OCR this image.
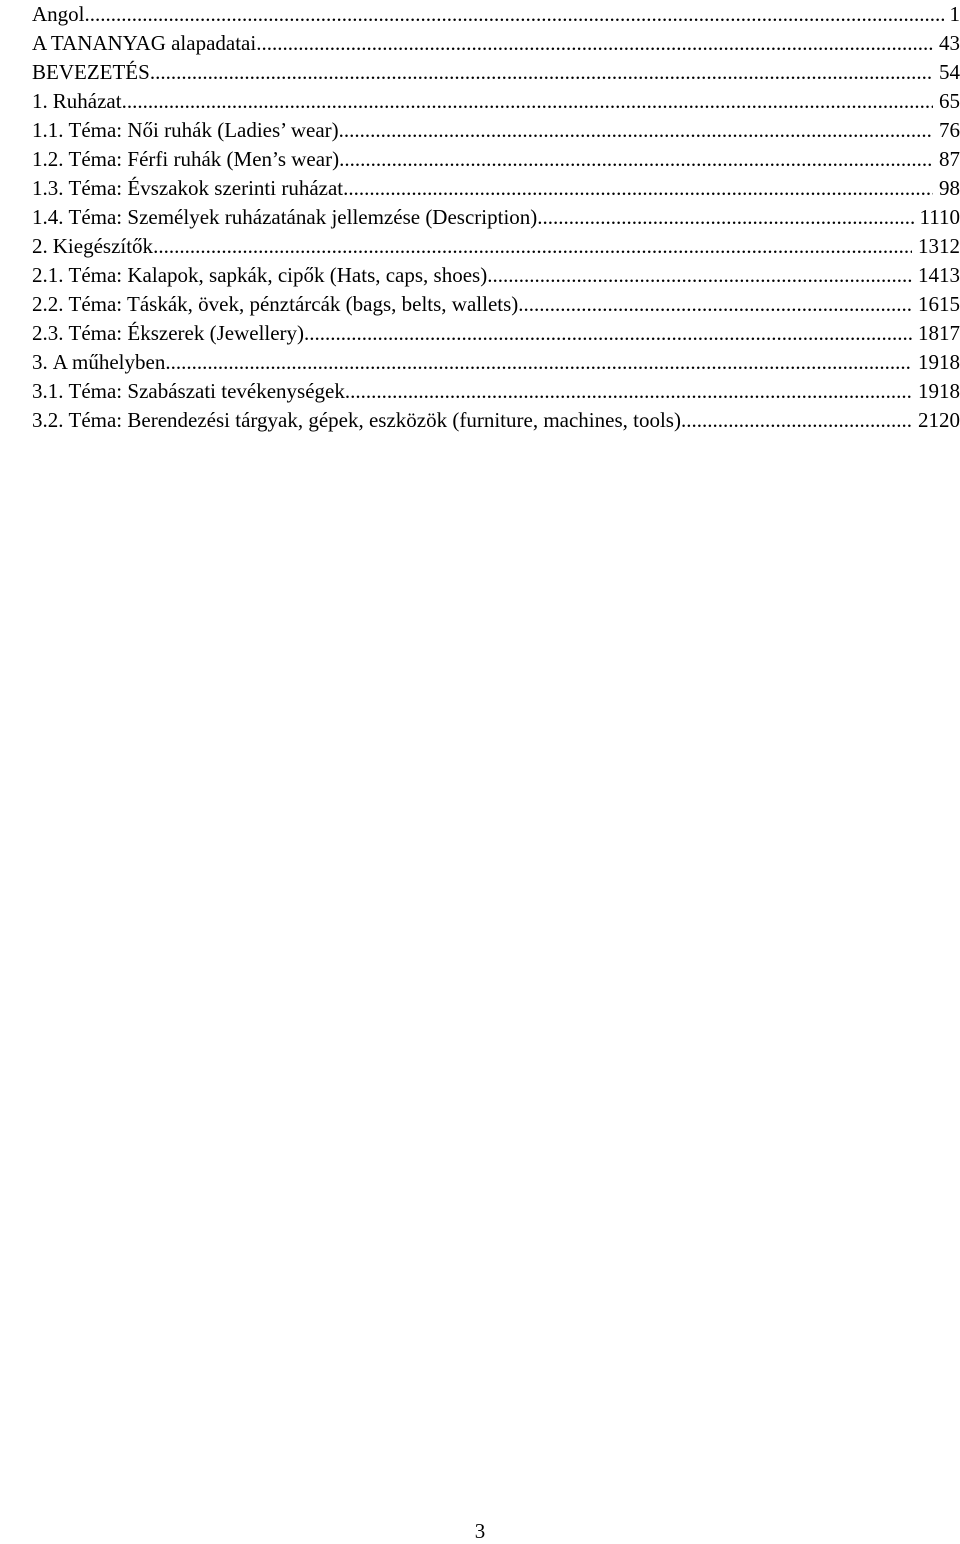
Angol .....	1
A TANANYAG alapadatai .....	43
BEVEZETÉS .....	54
1. Ruházat .....	65
1.1. Téma: Női ruhák (Ladies’ wear) .....	76
1.2. Téma: Férfi ruhák (Men’s wear) .....	87
1.3. Téma: Évszakok szerinti ruházat .....	98
1.4. Téma: Személyek ruházatának jellemzése (Description) .....	1110
2. Kiegészítők .....	1312
2.1. Téma: Kalapok, sapkák, cipők (Hats, caps, shoes) .....	1413
2.2. Téma: Táskák, övek, pénztárcák (bags, belts, wallets) .....	1615
2.3. Téma: Ékszerek (Jewellery) .....	1817
3. A műhelyben .....	1918
3.1. Téma: Szabászati tevékenységek .....	1918
3.2. Téma: Berendezési tárgyak, gépek, eszközök (furniture, machines, tools) .....	2120
3
